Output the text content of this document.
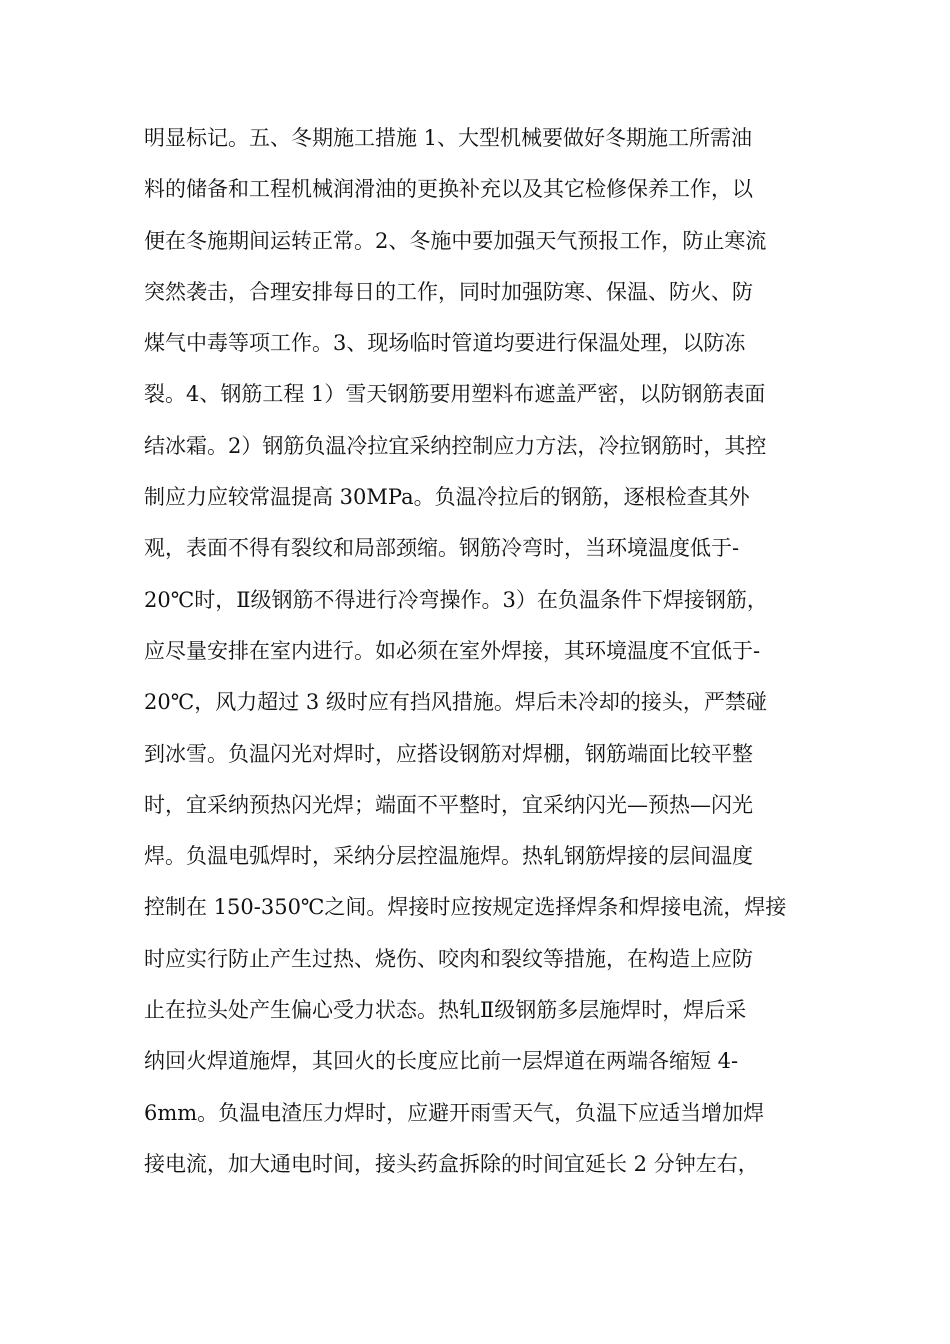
明显标记。五、冬期施工措施 1、大型机械要做好冬期施工所需油
料的储备和工程机械润滑油的更换补充以及其它检修保养工作，以
便在冬施期间运转正常。2、冬施中要加强天气预报工作，防止寒流
突然袭击，合理安排每日的工作，同时加强防寒、保温、防火、防
煤气中毒等项工作。3、现场临时管道均要进行保温处理，以防冻
裂。4、钢筋工程 1）雪天钢筋要用塑料布遮盖严密，以防钢筋表面
结冰霜。2）钢筋负温冷拉宜采纳控制应力方法，冷拉钢筋时，其控
制应力应较常温提高 30MPa。负温冷拉后的钢筋，逐根检查其外
观，表面不得有裂纹和局部颈缩。钢筋冷弯时，当环境温度低于-
20℃时，Ⅱ级钢筋不得进行冷弯操作。3）在负温条件下焊接钢筋，
应尽量安排在室内进行。如必须在室外焊接，其环境温度不宜低于-
20℃，风力超过 3 级时应有挡风措施。焊后未冷却的接头，严禁碰
到冰雪。负温闪光对焊时，应搭设钢筋对焊棚，钢筋端面比较平整
时，宜采纳预热闪光焊；端面不平整时，宜采纳闪光—预热—闪光
焊。负温电弧焊时，采纳分层控温施焊。热轧钢筋焊接的层间温度
控制在 150-350℃之间。焊接时应按规定选择焊条和焊接电流，焊接
时应实行防止产生过热、烧伤、咬肉和裂纹等措施，在构造上应防
止在拉头处产生偏心受力状态。热轧Ⅱ级钢筋多层施焊时，焊后采
纳回火焊道施焊，其回火的长度应比前一层焊道在两端各缩短 4-
6mm。负温电渣压力焊时，应避开雨雪天气，负温下应适当增加焊
接电流，加大通电时间，接头药盒拆除的时间宜延长 2 分钟左右，
